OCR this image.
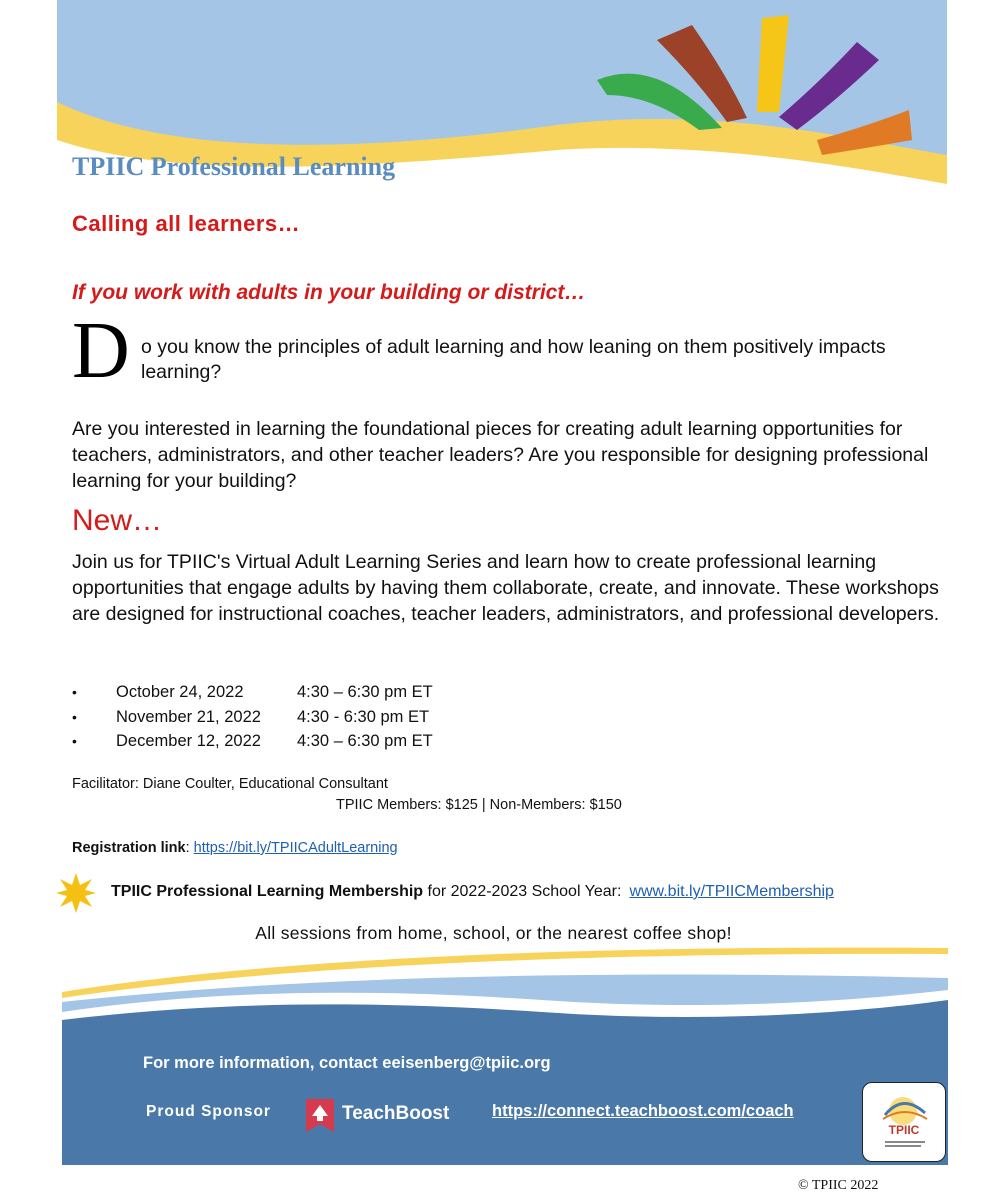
TPIIC Professional Learning
Calling all learners…
If you work with adults in your building or district…
D o you know the principles of adult learning and how leaning on them positively impacts learning?
Are you interested in learning the foundational pieces for creating adult learning opportunities for teachers, administrators, and other teacher leaders? Are you responsible for designing professional learning for your building?
New…
Join us for TPIIC's Virtual Adult Learning Series and learn how to create professional learning opportunities that engage adults by having them collaborate, create, and innovate. These workshops are designed for instructional coaches, teacher leaders, administrators, and professional developers.
• October 24, 2022	4:30 – 6:30 pm ET
• November 21, 2022 4:30 - 6:30 pm ET
• December 12, 2022 4:30 – 6:30 pm ET
Facilitator: Diane Coulter, Educational Consultant
TPIIC Members: $125 | Non-Members: $150
Registration link: https://bit.ly/TPIICAdultLearning
TPIIC Professional Learning Membership for 2022-2023 School Year: www.bit.ly/TPIICMembership
All sessions from home, school, or the nearest coffee shop!
For more information, contact eeisenberg@tpiic.org
Proud Sponsor	TeachBoost	https://connect.teachboost.com/coach
TPIIC
© TPIIC 2022
